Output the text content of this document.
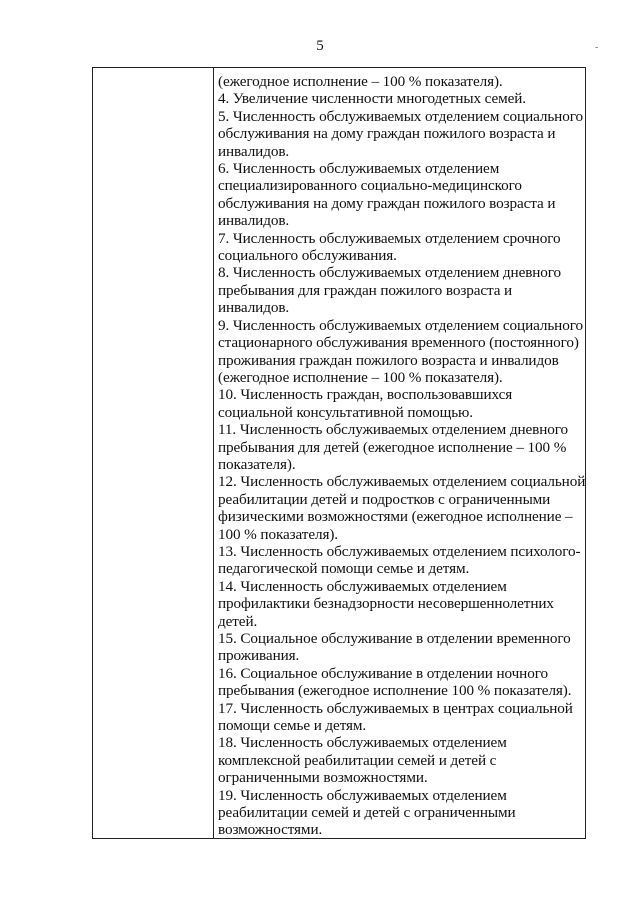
5	-
(ежегодное исполнение – 100 % показателя).
4. Увеличение численности многодетных семей.
5. Численность обслуживаемых отделением социального
обслуживания на дому граждан пожилого возраста и
инвалидов.
6. Численность обслуживаемых отделением
специализированного социально-медицинского
обслуживания на дому граждан пожилого возраста и
инвалидов.
7. Численность обслуживаемых отделением срочного
социального обслуживания.
8. Численность обслуживаемых отделением дневного
пребывания для граждан пожилого возраста и
инвалидов.
9. Численность обслуживаемых отделением социального
стационарного обслуживания временного (постоянного)
проживания граждан пожилого возраста и инвалидов
(ежегодное исполнение – 100 % показателя).
10. Численность граждан, воспользовавшихся
социальной консультативной помощью.
11. Численность обслуживаемых отделением дневного
пребывания для детей (ежегодное исполнение – 100 %
показателя).
12. Численность обслуживаемых отделением социальной
реабилитации детей и подростков с ограниченными
физическими возможностями (ежегодное исполнение –
100 % показателя).
13. Численность обслуживаемых отделением психолого-
педагогической помощи семье и детям.
14. Численность обслуживаемых отделением
профилактики безнадзорности несовершеннолетних
детей.
15. Социальное обслуживание в отделении временного
проживания.
16. Социальное обслуживание в отделении ночного
пребывания (ежегодное исполнение 100 % показателя).
17. Численность обслуживаемых в центрах социальной
помощи семье и детям.
18. Численность обслуживаемых отделением
комплексной реабилитации семей и детей с
ограниченными возможностями.
19. Численность обслуживаемых отделением
реабилитации семей и детей с ограниченными
возможностями.
